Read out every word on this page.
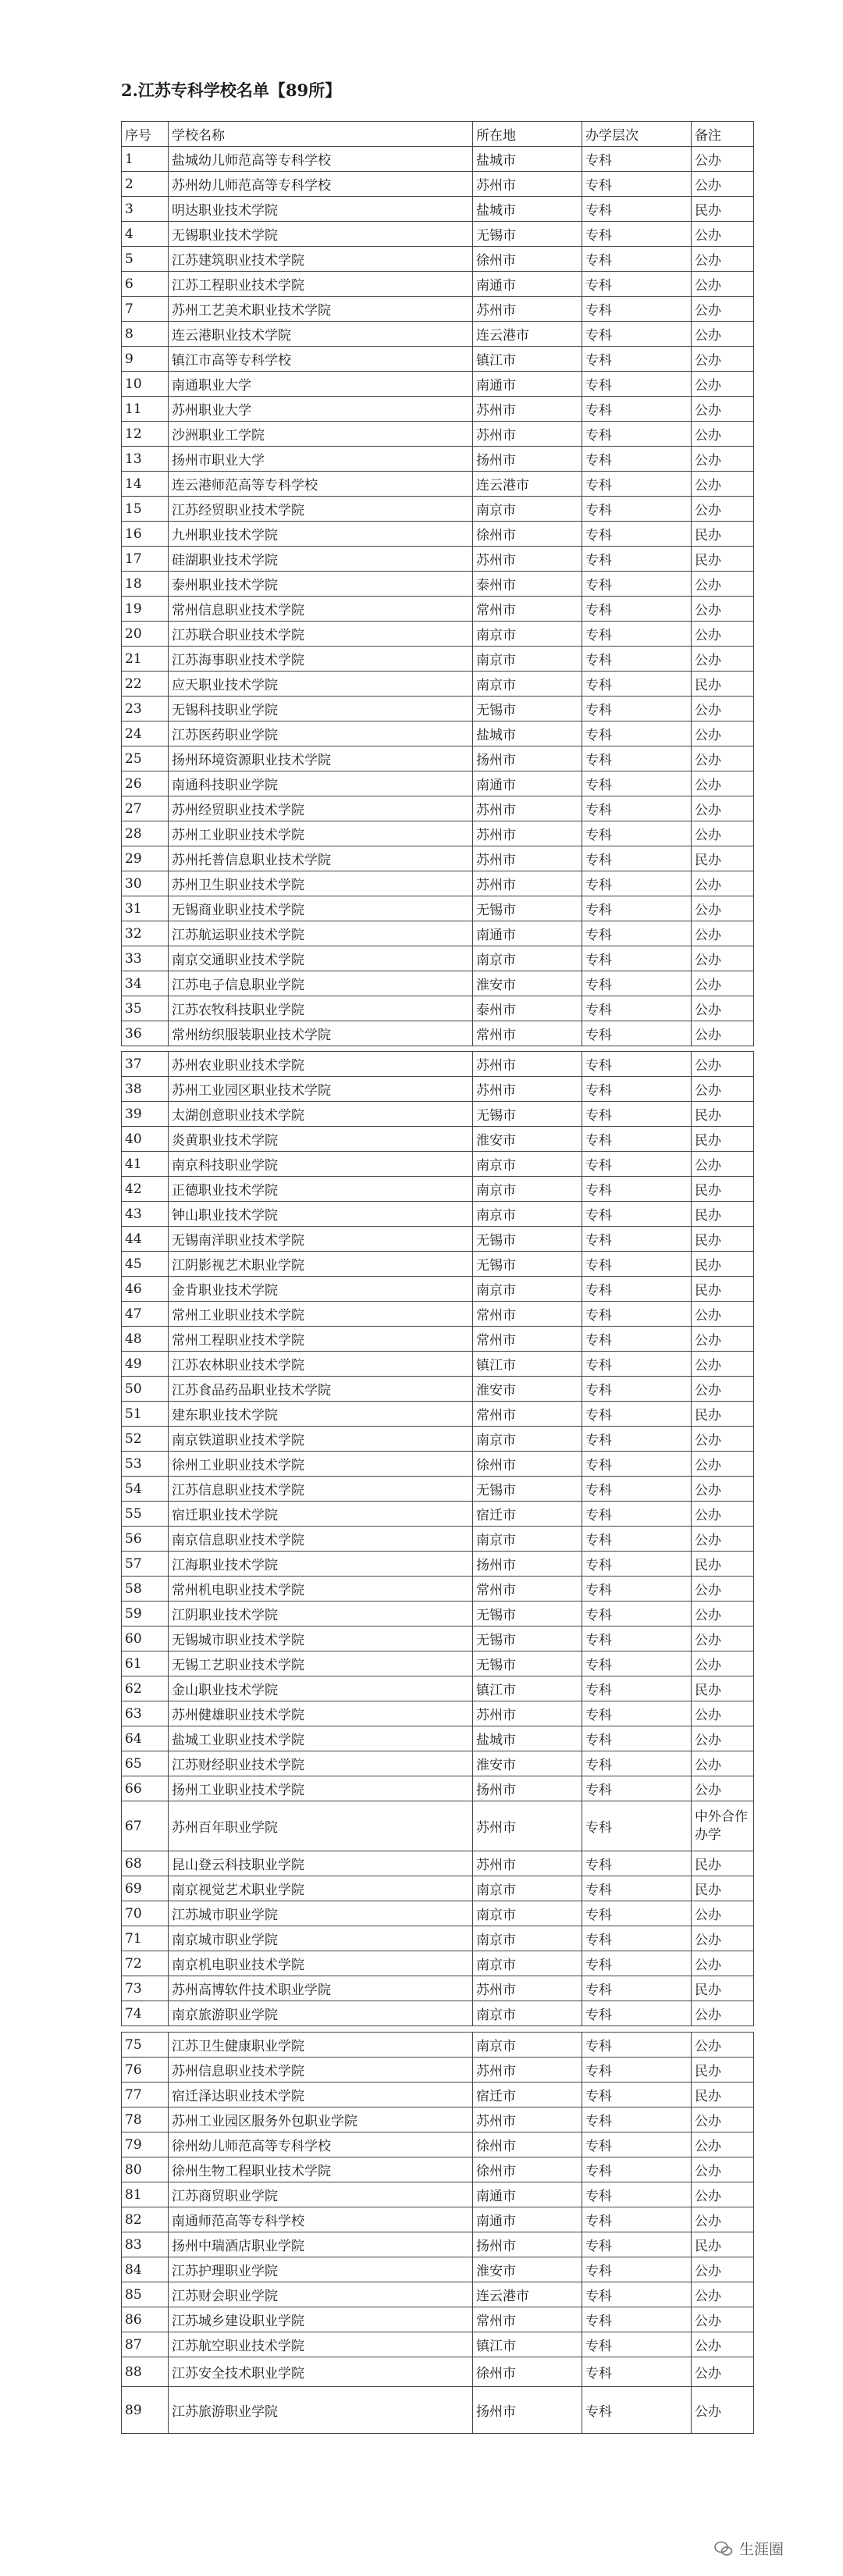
2.江苏专科学校名单【89所】
序号	学校名称	所在地	办学层次	备注
1	盐城幼儿师范高等专科学校	盐城市	专科	公办
2	苏州幼儿师范高等专科学校	苏州市	专科	公办
3	明达职业技术学院	盐城市	专科	民办
4	无锡职业技术学院	无锡市	专科	公办
5	江苏建筑职业技术学院	徐州市	专科	公办
6	江苏工程职业技术学院	南通市	专科	公办
7	苏州工艺美术职业技术学院	苏州市	专科	公办
8	连云港职业技术学院	连云港市	专科	公办
9	镇江市高等专科学校	镇江市	专科	公办
10	南通职业大学	南通市	专科	公办
11	苏州职业大学	苏州市	专科	公办
12	沙洲职业工学院	苏州市	专科	公办
13	扬州市职业大学	扬州市	专科	公办
14	连云港师范高等专科学校	连云港市	专科	公办
15	江苏经贸职业技术学院	南京市	专科	公办
16	九州职业技术学院	徐州市	专科	民办
17	硅湖职业技术学院	苏州市	专科	民办
18	泰州职业技术学院	泰州市	专科	公办
19	常州信息职业技术学院	常州市	专科	公办
20	江苏联合职业技术学院	南京市	专科	公办
21	江苏海事职业技术学院	南京市	专科	公办
22	应天职业技术学院	南京市	专科	民办
23	无锡科技职业学院	无锡市	专科	公办
24	江苏医药职业学院	盐城市	专科	公办
25	扬州环境资源职业技术学院	扬州市	专科	公办
26	南通科技职业学院	南通市	专科	公办
27	苏州经贸职业技术学院	苏州市	专科	公办
28	苏州工业职业技术学院	苏州市	专科	公办
29	苏州托普信息职业技术学院	苏州市	专科	民办
30	苏州卫生职业技术学院	苏州市	专科	公办
31	无锡商业职业技术学院	无锡市	专科	公办
32	江苏航运职业技术学院	南通市	专科	公办
33	南京交通职业技术学院	南京市	专科	公办
34	江苏电子信息职业学院	淮安市	专科	公办
35	江苏农牧科技职业学院	泰州市	专科	公办
36	常州纺织服装职业技术学院	常州市	专科	公办
37	苏州农业职业技术学院	苏州市	专科	公办
38	苏州工业园区职业技术学院	苏州市	专科	公办
39	太湖创意职业技术学院	无锡市	专科	民办
40	炎黄职业技术学院	淮安市	专科	民办
41	南京科技职业学院	南京市	专科	公办
42	正德职业技术学院	南京市	专科	民办
43	钟山职业技术学院	南京市	专科	民办
44	无锡南洋职业技术学院	无锡市	专科	民办
45	江阴影视艺术职业学院	无锡市	专科	民办
46	金肯职业技术学院	南京市	专科	民办
47	常州工业职业技术学院	常州市	专科	公办
48	常州工程职业技术学院	常州市	专科	公办
49	江苏农林职业技术学院	镇江市	专科	公办
50	江苏食品药品职业技术学院	淮安市	专科	公办
51	建东职业技术学院	常州市	专科	民办
52	南京铁道职业技术学院	南京市	专科	公办
53	徐州工业职业技术学院	徐州市	专科	公办
54	江苏信息职业技术学院	无锡市	专科	公办
55	宿迁职业技术学院	宿迁市	专科	公办
56	南京信息职业技术学院	南京市	专科	公办
57	江海职业技术学院	扬州市	专科	民办
58	常州机电职业技术学院	常州市	专科	公办
59	江阴职业技术学院	无锡市	专科	公办
60	无锡城市职业技术学院	无锡市	专科	公办
61	无锡工艺职业技术学院	无锡市	专科	公办
62	金山职业技术学院	镇江市	专科	民办
63	苏州健雄职业技术学院	苏州市	专科	公办
64	盐城工业职业技术学院	盐城市	专科	公办
65	江苏财经职业技术学院	淮安市	专科	公办
66	扬州工业职业技术学院	扬州市	专科	公办
67	苏州百年职业学院	苏州市	专科	中外合作办学
68	昆山登云科技职业学院	苏州市	专科	民办
69	南京视觉艺术职业学院	南京市	专科	民办
70	江苏城市职业学院	南京市	专科	公办
71	南京城市职业学院	南京市	专科	公办
72	南京机电职业技术学院	南京市	专科	公办
73	苏州高博软件技术职业学院	苏州市	专科	民办
74	南京旅游职业学院	南京市	专科	公办
75	江苏卫生健康职业学院	南京市	专科	公办
76	苏州信息职业技术学院	苏州市	专科	民办
77	宿迁泽达职业技术学院	宿迁市	专科	民办
78	苏州工业园区服务外包职业学院	苏州市	专科	公办
79	徐州幼儿师范高等专科学校	徐州市	专科	公办
80	徐州生物工程职业技术学院	徐州市	专科	公办
81	江苏商贸职业学院	南通市	专科	公办
82	南通师范高等专科学校	南通市	专科	公办
83	扬州中瑞酒店职业学院	扬州市	专科	民办
84	江苏护理职业学院	淮安市	专科	公办
85	江苏财会职业学院	连云港市	专科	公办
86	江苏城乡建设职业学院	常州市	专科	公办
87	江苏航空职业技术学院	镇江市	专科	公办
88	江苏安全技术职业学院	徐州市	专科	公办
89	江苏旅游职业学院	扬州市	专科	公办
生涯圈
